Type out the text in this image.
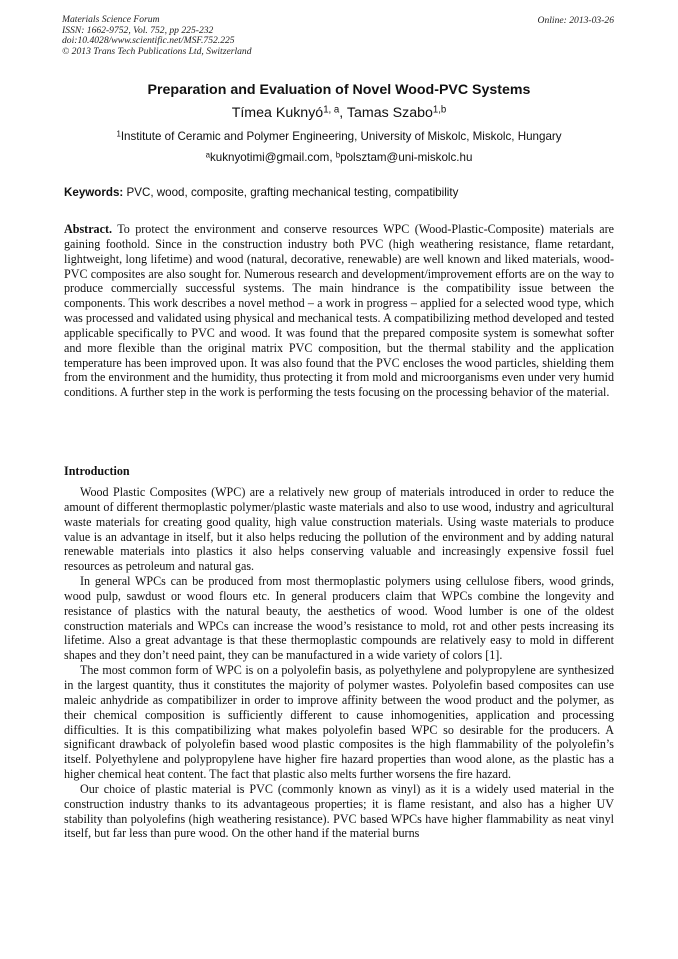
Materials Science Forum
ISSN: 1662-9752, Vol. 752, pp 225-232
doi:10.4028/www.scientific.net/MSF.752.225
© 2013 Trans Tech Publications Ltd, Switzerland
Online: 2013-03-26
Preparation and Evaluation of Novel Wood-PVC Systems
Tímea Kuknyó$^{1, a}$, Tamas Szabo$^{1,b}$
$^1$Institute of Ceramic and Polymer Engineering, University of Miskolc, Miskolc, Hungary
$^a$kuknyotimi@gmail.com, $^b$polsztam@uni-miskolc.hu
Keywords: PVC, wood, composite, grafting mechanical testing, compatibility
Abstract. To protect the environment and conserve resources WPC (Wood-Plastic-Composite) materials are gaining foothold. Since in the construction industry both PVC (high weathering resistance, flame retardant, lightweight, long lifetime) and wood (natural, decorative, renewable) are well known and liked materials, wood-PVC composites are also sought for. Numerous research and development/improvement efforts are on the way to produce commercially successful systems. The main hindrance is the compatibility issue between the components. This work describes a novel method – a work in progress – applied for a selected wood type, which was processed and validated using physical and mechanical tests. A compatibilizing method developed and tested applicable specifically to PVC and wood. It was found that the prepared composite system is somewhat softer and more flexible than the original matrix PVC composition, but the thermal stability and the application temperature has been improved upon. It was also found that the PVC encloses the wood particles, shielding them from the environment and the humidity, thus protecting it from mold and microorganisms even under very humid conditions. A further step in the work is performing the tests focusing on the processing behavior of the material.
Introduction

Wood Plastic Composites (WPC) are a relatively new group of materials introduced in order to reduce the amount of different thermoplastic polymer/plastic waste materials and also to use wood, industry and agricultural waste materials for creating good quality, high value construction materials. Using waste materials to produce value is an advantage in itself, but it also helps reducing the pollution of the environment and by adding natural renewable materials into plastics it also helps conserving valuable and increasingly expensive fossil fuel resources as petroleum and natural gas.

In general WPCs can be produced from most thermoplastic polymers using cellulose fibers, wood grinds, wood pulp, sawdust or wood flours etc. In general producers claim that WPCs combine the longevity and resistance of plastics with the natural beauty, the aesthetics of wood. Wood lumber is one of the oldest construction materials and WPCs can increase the wood’s resistance to mold, rot and other pests increasing its lifetime. Also a great advantage is that these thermoplastic compounds are relatively easy to mold in different shapes and they don’t need paint, they can be manufactured in a wide variety of colors [1].

The most common form of WPC is on a polyolefin basis, as polyethylene and polypropylene are synthesized in the largest quantity, thus it constitutes the majority of polymer wastes. Polyolefin based composites can use maleic anhydride as compatibilizer in order to improve affinity between the wood product and the polymer, as their chemical composition is sufficiently different to cause inhomogenities, application and processing difficulties. It is this compatibilizing what makes polyolefin based WPC so desirable for the producers. A significant drawback of polyolefin based wood plastic composites is the high flammability of the polyolefin’s itself. Polyethylene and polypropylene have higher fire hazard properties than wood alone, as the plastic has a higher chemical heat content. The fact that plastic also melts further worsens the fire hazard.

Our choice of plastic material is PVC (commonly known as vinyl) as it is a widely used material in the construction industry thanks to its advantageous properties; it is flame resistant, and also has a higher UV stability than polyolefins (high weathering resistance). PVC based WPCs have higher flammability as neat vinyl itself, but far less than pure wood. On the other hand if the material burns
